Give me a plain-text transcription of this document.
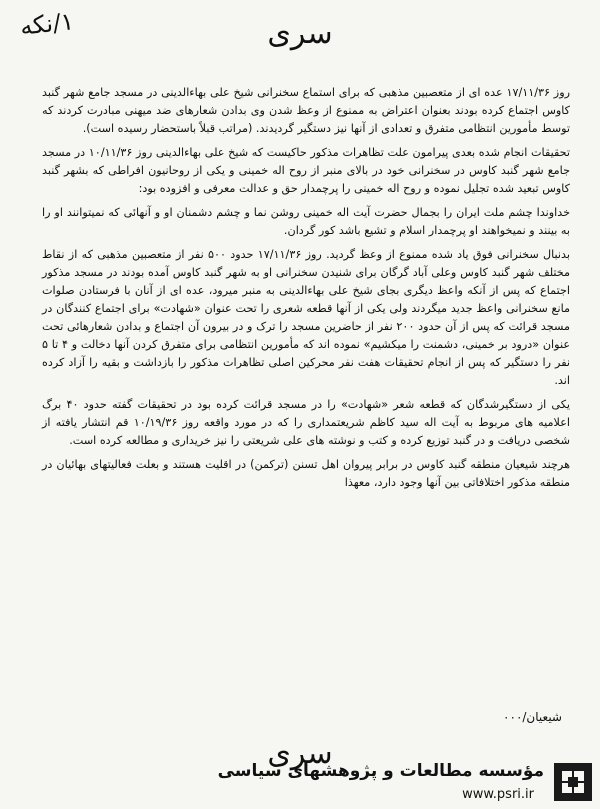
۱/نکه	سری

روز ۱۷/۱۱/۳۶ عده ای از متعصبین مذهبی که برای استماع سخنرانی شیخ علی بهاءالدینی در مسجد جامع شهر گنبد کاوس اجتماع کرده بودند بعنوان اعتراض به ممنوع از وعظ شدن وی بدادن شعارهای ضد میهنی مبادرت کردند که توسط مأمورین انتظامی متفرق و تعدادی از آنها نیز دستگیر گردیدند. (مراتب قبلاً باستحضار رسیده است).

تحقیقات انجام شده بعدی پیرامون علت تظاهرات مذکور حاکیست که شیخ علی بهاءالدینی روز ۱۰/۱۱/۳۶ در مسجد جامع شهر گنبد کاوس در سخنرانی خود در بالای منبر از روح اله خمینی و یکی از روحانیون افراطی که بشهر گنبد کاوس تبعید شده تجلیل نموده و روح اله خمینی را پرچمدار حق و عدالت معرفی و افزوده بود:

خداوندا چشم ملت ایران را بجمال حضرت آیت اله خمینی روشن نما و چشم دشمنان او و آنهائی که نمیتوانند او را به بینند و نمیخواهند او پرچمدار اسلام و تشیع باشد کور گردان.

بدنبال سخنرانی فوق یاد شده ممنوع از وعظ گردید. روز ۱۷/۱۱/۳۶ حدود ۵۰۰ نفر از متعصبین مذهبی که از نقاط مختلف شهر گنبد کاوس وعلی آباد گرگان برای شنیدن سخنرانی او به شهر گنبد کاوس آمده بودند در مسجد مذکور اجتماع که پس از آنکه واعظ دیگری بجای شیخ علی بهاءالدینی به منبر میرود، عده ای از آنان با فرستادن صلوات مانع سخنرانی واعظ جدید میگردند ولی یکی از آنها قطعه شعری را تحت عنوان «شهادت» برای اجتماع کنندگان در مسجد قرائت که پس از آن حدود ۲۰۰ نفر از حاضرین مسجد را ترک و در بیرون آن اجتماع و بدادن شعارهائی تحت عنوان «درود بر خمینی، دشمنت را میکشیم» نموده اند که مأمورین انتظامی برای متفرق کردن آنها دخالت و ۴ تا ۵ نفر را دستگیر که پس از انجام تحقیقات هفت نفر محرکین اصلی تظاهرات مذکور را بازداشت و بقیه را آزاد کرده اند.

یکی از دستگیرشدگان که قطعه شعر «شهادت» را در مسجد قرائت کرده بود در تحقیقات گفته حدود ۴۰ برگ اعلامیه های مربوط به آیت اله سید کاظم شریعتمداری را که در مورد واقعه روز ۱۰/۱۹/۳۶ قم انتشار یافته از شخصی دریافت و در گنبد توزیع کرده و کتب و نوشته های علی شریعتی را نیز خریداری و مطالعه کرده است.

هرچند شیعیان منطقه گنبد کاوس در برابر پیروان اهل تسنن (ترکمن) در اقلیت هستند و بعلت فعالیتهای بهائیان در منطقه مذکور اختلافاتی بین آنها وجود دارد، معهذا

شیعیان/۰۰۰
سری
مؤسسه مطالعات و پژوهشهای سیاسی
www.psri.ir
